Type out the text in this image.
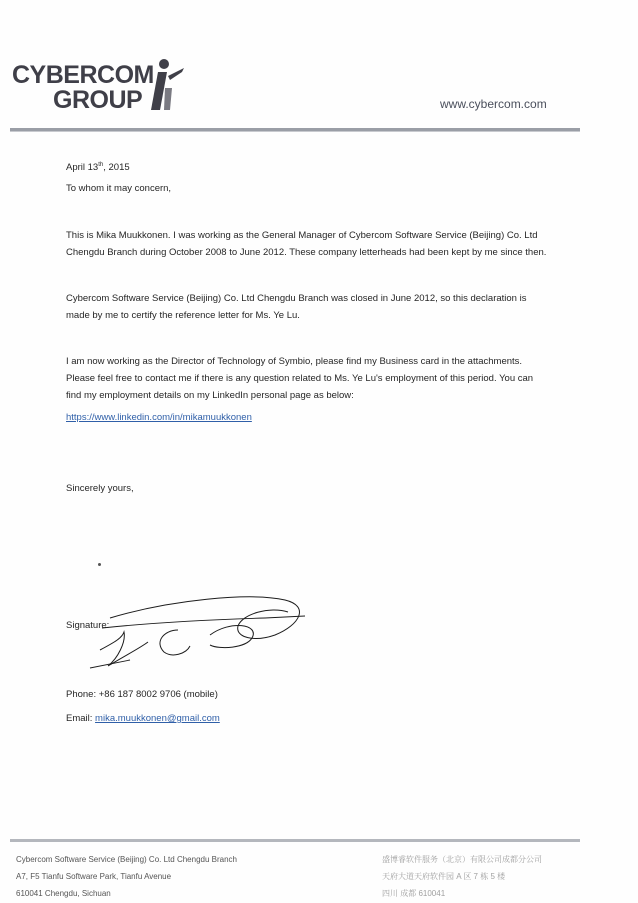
CYBERCOM
GROUP	www.cybercom.com
April 13th, 2015
To whom it may concern,
This is Mika Muukkonen. I was working as the General Manager of Cybercom Software Service (Beijing) Co. Ltd Chengdu Branch during October 2008 to June 2012. These company letterheads had been kept by me since then.
Cybercom Software Service (Beijing) Co. Ltd Chengdu Branch was closed in June 2012, so this declaration is made by me to certify the reference letter for Ms. Ye Lu.
I am now working as the Director of Technology of Symbio, please find my Business card in the attachments. Please feel free to contact me if there is any question related to Ms. Ye Lu's employment of this period. You can find my employment details on my LinkedIn personal page as below:
https://www.linkedin.com/in/mikamuukkonen
Sincerely yours,
Signature:
Phone: +86 187 8002 9706 (mobile)
Email: mika.muukkonen@gmail.com
Cybercom Software Service (Beijing) Co. Ltd Chengdu Branch
A7, F5 Tianfu Software Park, Tianfu Avenue
610041 Chengdu, Sichuan
盛博睿软件服务（北京）有限公司成都分公司
天府大道天府软件园 A 区 7 栋 5 楼
四川 成都 610041
